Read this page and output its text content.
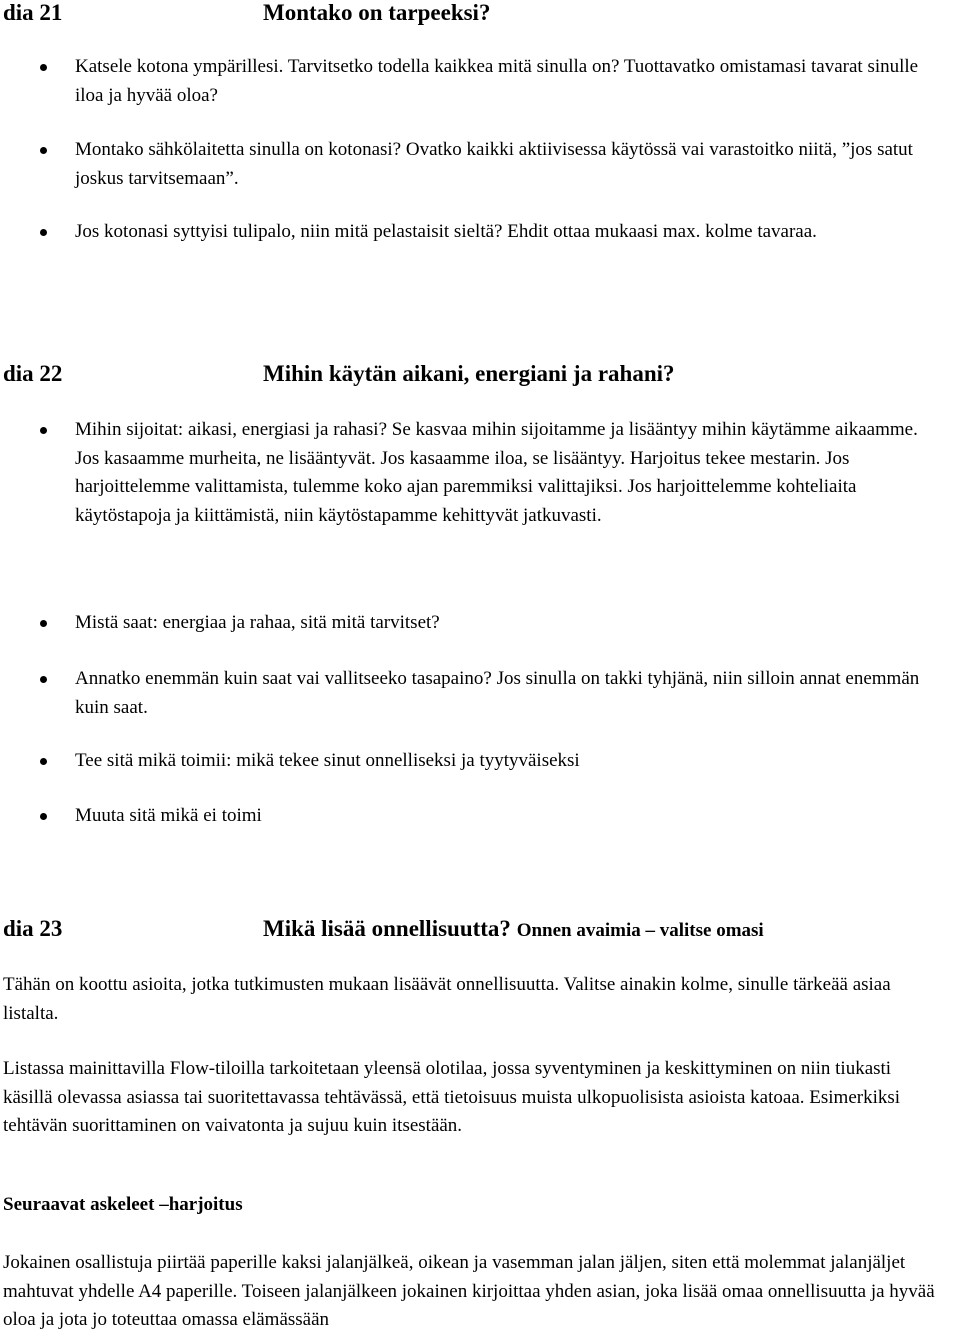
dia 21	Montako on tarpeeksi?
Katsele kotona ympärillesi. Tarvitsetko todella kaikkea mitä sinulla on? Tuottavatko omistamasi tavarat sinulle iloa ja hyvää oloa?
Montako sähkölaitetta sinulla on kotonasi? Ovatko kaikki aktiivisessa käytössä vai varastoitko niitä, ”jos satut joskus tarvitsemaan”.
Jos kotonasi syttyisi tulipalo, niin mitä pelastaisit sieltä? Ehdit ottaa mukaasi max. kolme tavaraa.
dia 22	Mihin käytän aikani, energiani ja rahani?
Mihin sijoitat: aikasi, energiasi ja rahasi? Se kasvaa mihin sijoitamme ja lisääntyy mihin käytämme aikaamme. Jos kasaamme murheita, ne lisääntyvät. Jos kasaamme iloa, se lisääntyy. Harjoitus tekee mestarin. Jos harjoittelemme valittamista, tulemme koko ajan paremmiksi valittajiksi. Jos harjoittelemme kohteliaita käytöstapoja ja kiittämistä, niin käytöstapamme kehittyvät jatkuvasti.
Mistä saat: energiaa ja rahaa, sitä mitä tarvitset?
Annatko enemmän kuin saat vai vallitseeko tasapaino? Jos sinulla on takki tyhjänä, niin silloin annat enemmän kuin saat.
Tee sitä mikä toimii: mikä tekee sinut onnelliseksi ja tyytyväiseksi
Muuta sitä mikä ei toimi
dia 23	Mikä lisää onnellisuutta? Onnen avaimia – valitse omasi
Tähän on koottu asioita, jotka tutkimusten mukaan lisäävät onnellisuutta. Valitse ainakin kolme, sinulle tärkeää asiaa listalta.
Listassa mainittavilla Flow-tiloilla tarkoitetaan yleensä olotilaa, jossa syventyminen ja keskittyminen on niin tiukasti käsillä olevassa asiassa tai suoritettavassa tehtävässä, että tietoisuus muista ulkopuolisista asioista katoaa. Esimerkiksi tehtävän suorittaminen on vaivatonta ja sujuu kuin itsestään.
Seuraavat askeleet –harjoitus
Jokainen osallistuja piirtää paperille kaksi jalanjälkeä, oikean ja vasemman jalan jäljen, siten että molemmat jalanjäljet mahtuvat yhdelle A4 paperille. Toiseen jalanjälkeen jokainen kirjoittaa yhden asian, joka lisää omaa onnellisuutta ja hyvää oloa ja jota jo toteuttaa omassa elämässään
